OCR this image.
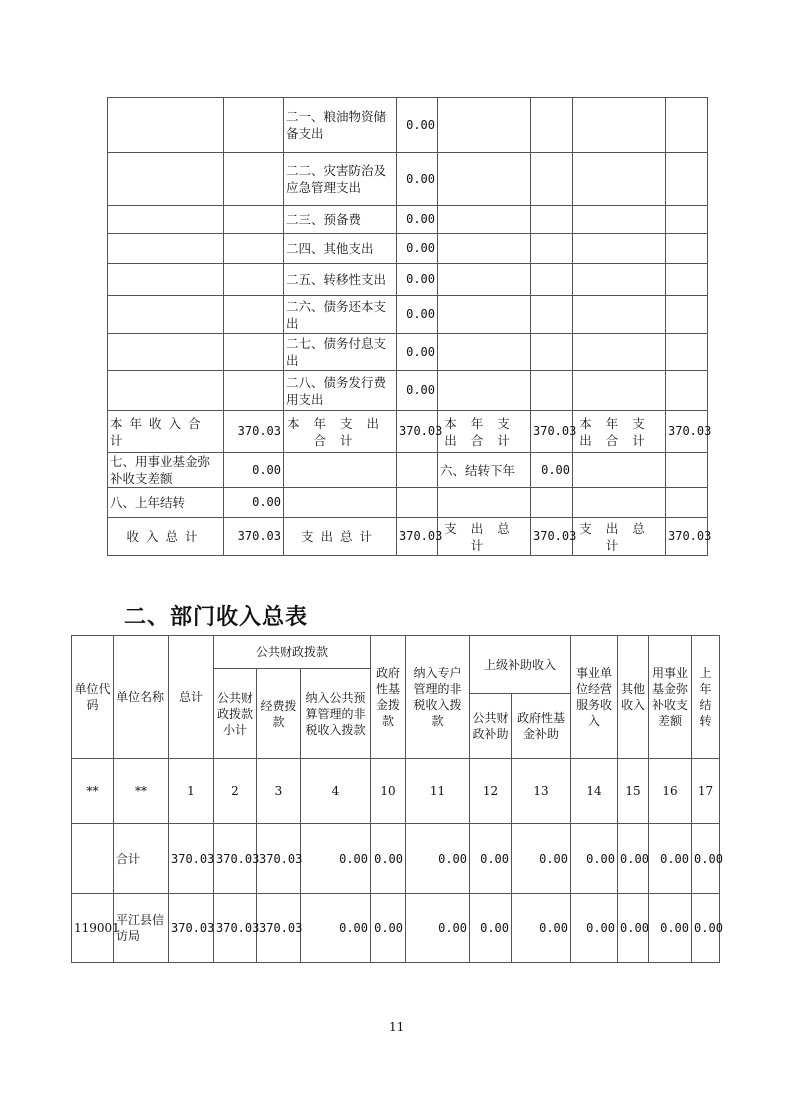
		二一、粮油物资储备支出	0.00				
		二二、灾害防治及应急管理支出	0.00				
		二三、预备费	0.00				
		二四、其他支出	0.00				
		二五、转移性支出	0.00				
		二六、债务还本支出	0.00				
		二七、债务付息支出	0.00				
		二八、债务发行费用支出	0.00				
本年收入合计	370.03	本年支出合计	370.03	本年支出合计	370.03	本年支出合计	370.03
七、用事业基金弥补收支差额	0.00			六、结转下年	0.00		
八、上年结转	0.00						
收入总计	370.03	支出总计	370.03	支出总计	370.03	支出总计	370.03
二、部门收入总表
单位代码	单位名称	总计	公共财政拨款			政府性基金拨款	纳入专户管理的非税收入拨款	上级补助收入		事业单位经营服务收入	其他收入	用事业基金弥补收支差额	上年结转
			公共财政拨款小计	经费拨款	纳入公共预算管理的非税收入拨款								
								公共财政补助	政府性基金补助				
**	**	1	2	3	4	10	11	12	13	14	15	16	17
	合计	370.03	370.03	370.03	0.00	0.00	0.00	0.00	0.00	0.00	0.00	0.00	0.00
119001	平江县信访局	370.03	370.03	370.03	0.00	0.00	0.00	0.00	0.00	0.00	0.00	0.00	0.00
11
